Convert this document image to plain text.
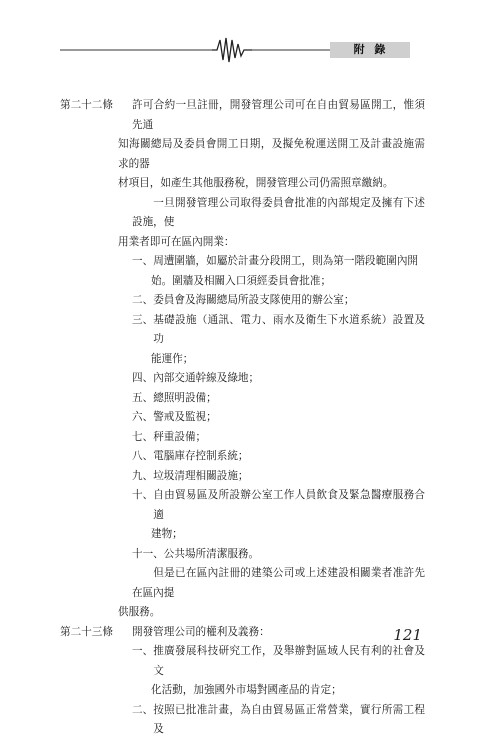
附 錄
第二十二條	許可合約一旦註冊，開發管理公司可在自由貿易區開工，惟須先通

知海關總局及委員會開工日期，及擬免稅運送開工及計畫設施需求的器

材項目，如產生其他服務稅，開發管理公司仍需照章繳納。

一旦開發管理公司取得委員會批准的內部規定及擁有下述設施，使

用業者即可在區內開業：

一、 周遭圍牆，如屬於計畫分段開工，則為第一階段範圍內開

始。圍牆及相關入口須經委員會批准；

二、 委員會及海關總局所設支隊使用的辦公室；
三、 基礎設施（通訊、電力、雨水及衛生下水道系統）設置及功

能運作；

四、 內部交通幹線及綠地；
五、 總照明設備；
六、 警戒及監視；
七、 秤重設備；
八、 電腦庫存控制系統；
九、 垃圾清理相關設施；
十、 自由貿易區及所設辦公室工作人員飲食及緊急醫療服務合適

建物；

十一、 公共場所清潔服務。

但是已在區內註冊的建築公司或上述建設相關業者准許先在區內提

供服務。

第二十三條	開發管理公司的權利及義務：
一、 推廣發展科技研究工作，及舉辦對區域人民有利的社會及文

化活動，加強國外市場對國產品的肯定；

二、 按照已批准計畫，為自由貿易區正常營業，實行所需工程及
121
